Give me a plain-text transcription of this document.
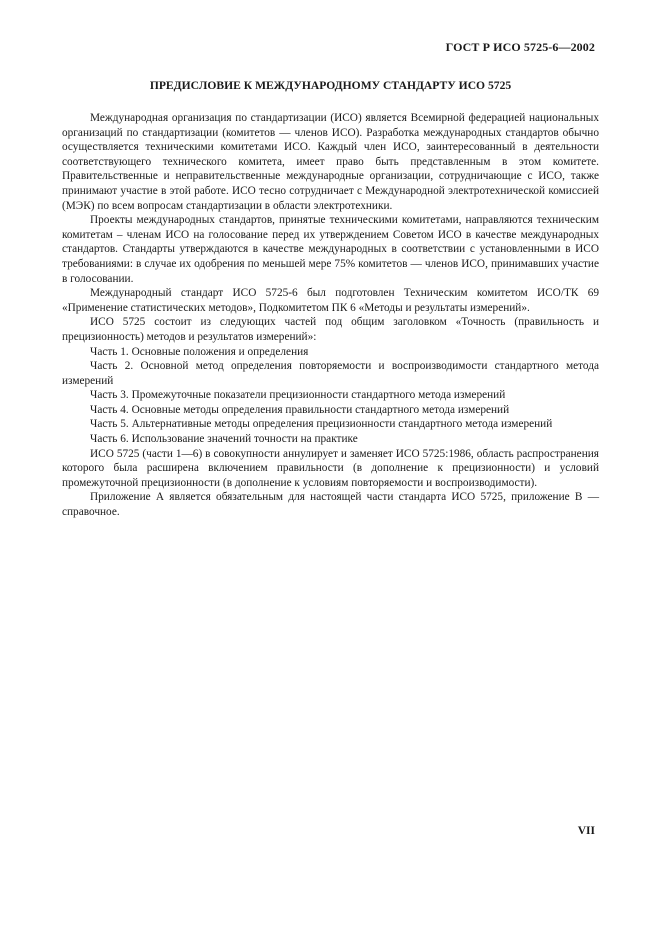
ГОСТ Р ИСО 5725-6—2002
ПРЕДИСЛОВИЕ К МЕЖДУНАРОДНОМУ СТАНДАРТУ ИСО 5725

Международная организация по стандартизации (ИСО) является Всемирной федерацией национальных организаций по стандартизации (комитетов — членов ИСО). Разработка международных стандартов обычно осуществляется техническими комитетами ИСО. Каждый член ИСО, заинтересованный в деятельности соответствующего технического комитета, имеет право быть представленным в этом комитете. Правительственные и неправительственные международные организации, сотрудничающие с ИСО, также принимают участие в этой работе. ИСО тесно сотрудничает с Международной электротехнической комиссией (МЭК) по всем вопросам стандартизации в области электротехники.

Проекты международных стандартов, принятые техническими комитетами, направляются техническим комитетам – членам ИСО на голосование перед их утверждением Советом ИСО в качестве международных стандартов. Стандарты утверждаются в качестве международных в соответствии с установленными в ИСО требованиями: в случае их одобрения по меньшей мере 75% комитетов — членов ИСО, принимавших участие в голосовании.

Международный стандарт ИСО 5725-6 был подготовлен Техническим комитетом ИСО/ТК 69 «Применение статистических методов», Подкомитетом ПК 6 «Методы и результаты измерений».

ИСО 5725 состоит из следующих частей под общим заголовком «Точность (правильность и прецизионность) методов и результатов измерений»:

Часть 1. Основные положения и определения

Часть 2. Основной метод определения повторяемости и воспроизводимости стандартного метода измерений

Часть 3. Промежуточные показатели прецизионности стандартного метода измерений

Часть 4. Основные методы определения правильности стандартного метода измерений

Часть 5. Альтернативные методы определения прецизионности стандартного метода измерений

Часть 6. Использование значений точности на практике

ИСО 5725 (части 1—6) в совокупности аннулирует и заменяет ИСО 5725:1986, область распространения которого была расширена включением правильности (в дополнение к прецизионности) и условий промежуточной прецизионности (в дополнение к условиям повторяемости и воспроизводимости).

Приложение А является обязательным для настоящей части стандарта ИСО 5725, приложение В — справочное.

VII
